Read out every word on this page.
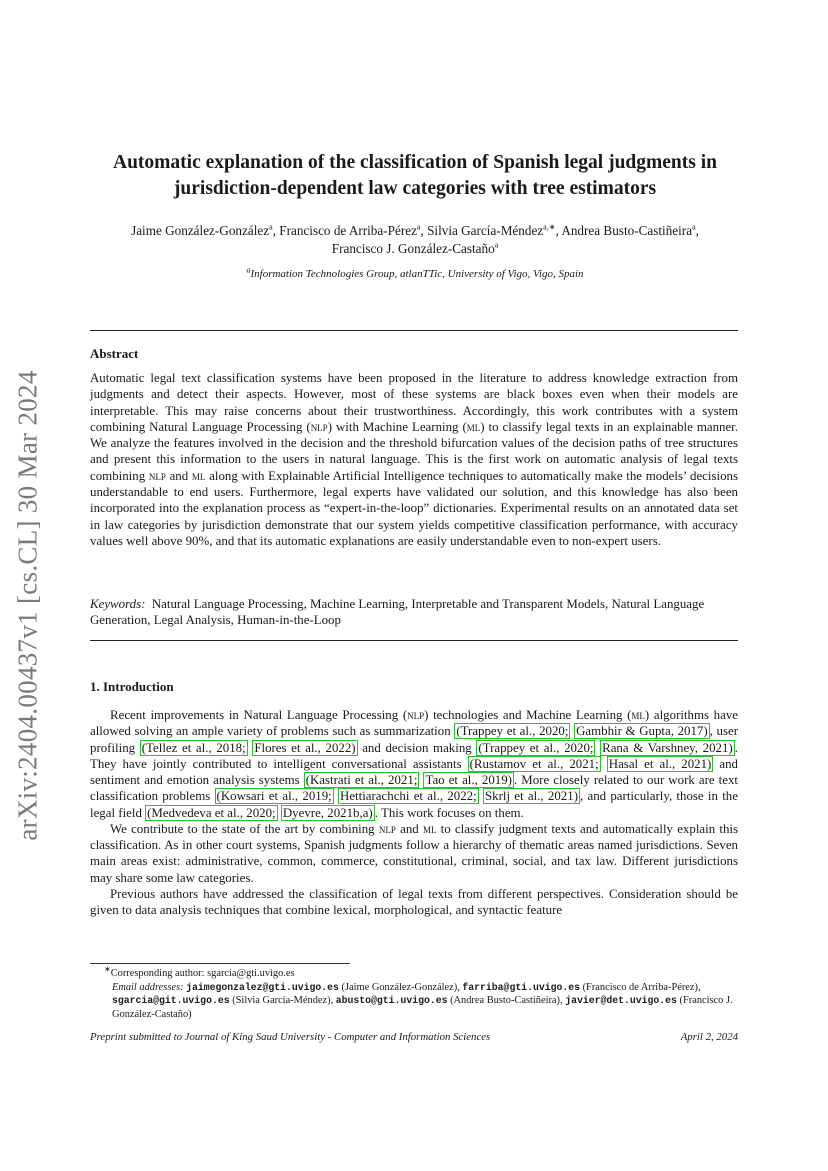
arXiv:2404.00437v1 [cs.CL] 30 Mar 2024
Automatic explanation of the classification of Spanish legal judgments in
jurisdiction-dependent law categories with tree estimators
Jaime González-González$^a$, Francisco de Arriba-Pérez$^a$, Silvia García-Méndez$^{a,∗}$, Andrea Busto-Castiñeira$^a$, Francisco J. González-Castaño$^a$
$^a$Information Technologies Group, atlanTTic, University of Vigo, Vigo, Spain
Abstract

Automatic legal text classification systems have been proposed in the literature to address knowledge extraction from judgments and detect their aspects. However, most of these systems are black boxes even when their models are interpretable. This may raise concerns about their trustworthiness. Accordingly, this work contributes with a system combining Natural Language Processing (nlp) with Machine Learning (ml) to classify legal texts in an explainable manner. We analyze the features involved in the decision and the threshold bifurcation values of the decision paths of tree structures and present this information to the users in natural language. This is the first work on automatic analysis of legal texts combining nlp and ml along with Explainable Artificial Intelligence techniques to automatically make the models’ decisions understandable to end users. Furthermore, legal experts have validated our solution, and this knowledge has also been incorporated into the explanation process as “expert-in-the-loop” dictionaries. Experimental results on an annotated data set in law categories by jurisdiction demonstrate that our system yields competitive classification performance, with accuracy values well above 90%, and that its automatic explanations are easily understandable even to non-expert users.

Keywords: Natural Language Processing, Machine Learning, Interpretable and Transparent Models, Natural Language Generation, Legal Analysis, Human-in-the-Loop

1. Introduction

Recent improvements in Natural Language Processing (nlp) technologies and Machine Learning (ml) algorithms have allowed solving an ample variety of problems such as summarization (Trappey et al., 2020; Gambhir & Gupta, 2017) , user profiling (Tellez et al., 2018; Flores et al., 2022) and decision making (Trappey et al., 2020; Rana & Varshney, 2021) . They have jointly contributed to intelligent conversational assistants (Rustamov et al., 2021; Hasal et al., 2021) and sentiment and emotion analysis systems (Kastrati et al., 2021; Tao et al., 2019) . More closely related to our work are text classification problems (Kowsari et al., 2019; Hettiarachchi et al., 2022; Skrlj et al., 2021) , and particularly, those in the legal field (Medvedeva et al., 2020; Dyevre, 2021b,a) . This work focuses on them.

We contribute to the state of the art by combining nlp and ml to classify judgment texts and automatically explain this classification. As in other court systems, Spanish judgments follow a hierarchy of thematic areas named jurisdictions. Seven main areas exist: administrative, common, commerce, constitutional, criminal, social, and tax law. Different jurisdictions may share some law categories.

Previous authors have addressed the classification of legal texts from different perspectives. Consideration should be given to data analysis techniques that combine lexical, morphological, and syntactic feature

∗Corresponding author: sgarcia@gti.uvigo.es
Email addresses: jaimegonzalez@gti.uvigo.es (Jaime González-González), farriba@gti.uvigo.es (Francisco de Arriba-Pérez), sgarcia@git.uvigo.es (Silvia García-Méndez), abusto@gti.uvigo.es (Andrea Busto-Castiñeira), javier@det.uvigo.es (Francisco J. González-Castaño)
Preprint submitted to Journal of King Saud University - Computer and Information Sciences	April 2, 2024
